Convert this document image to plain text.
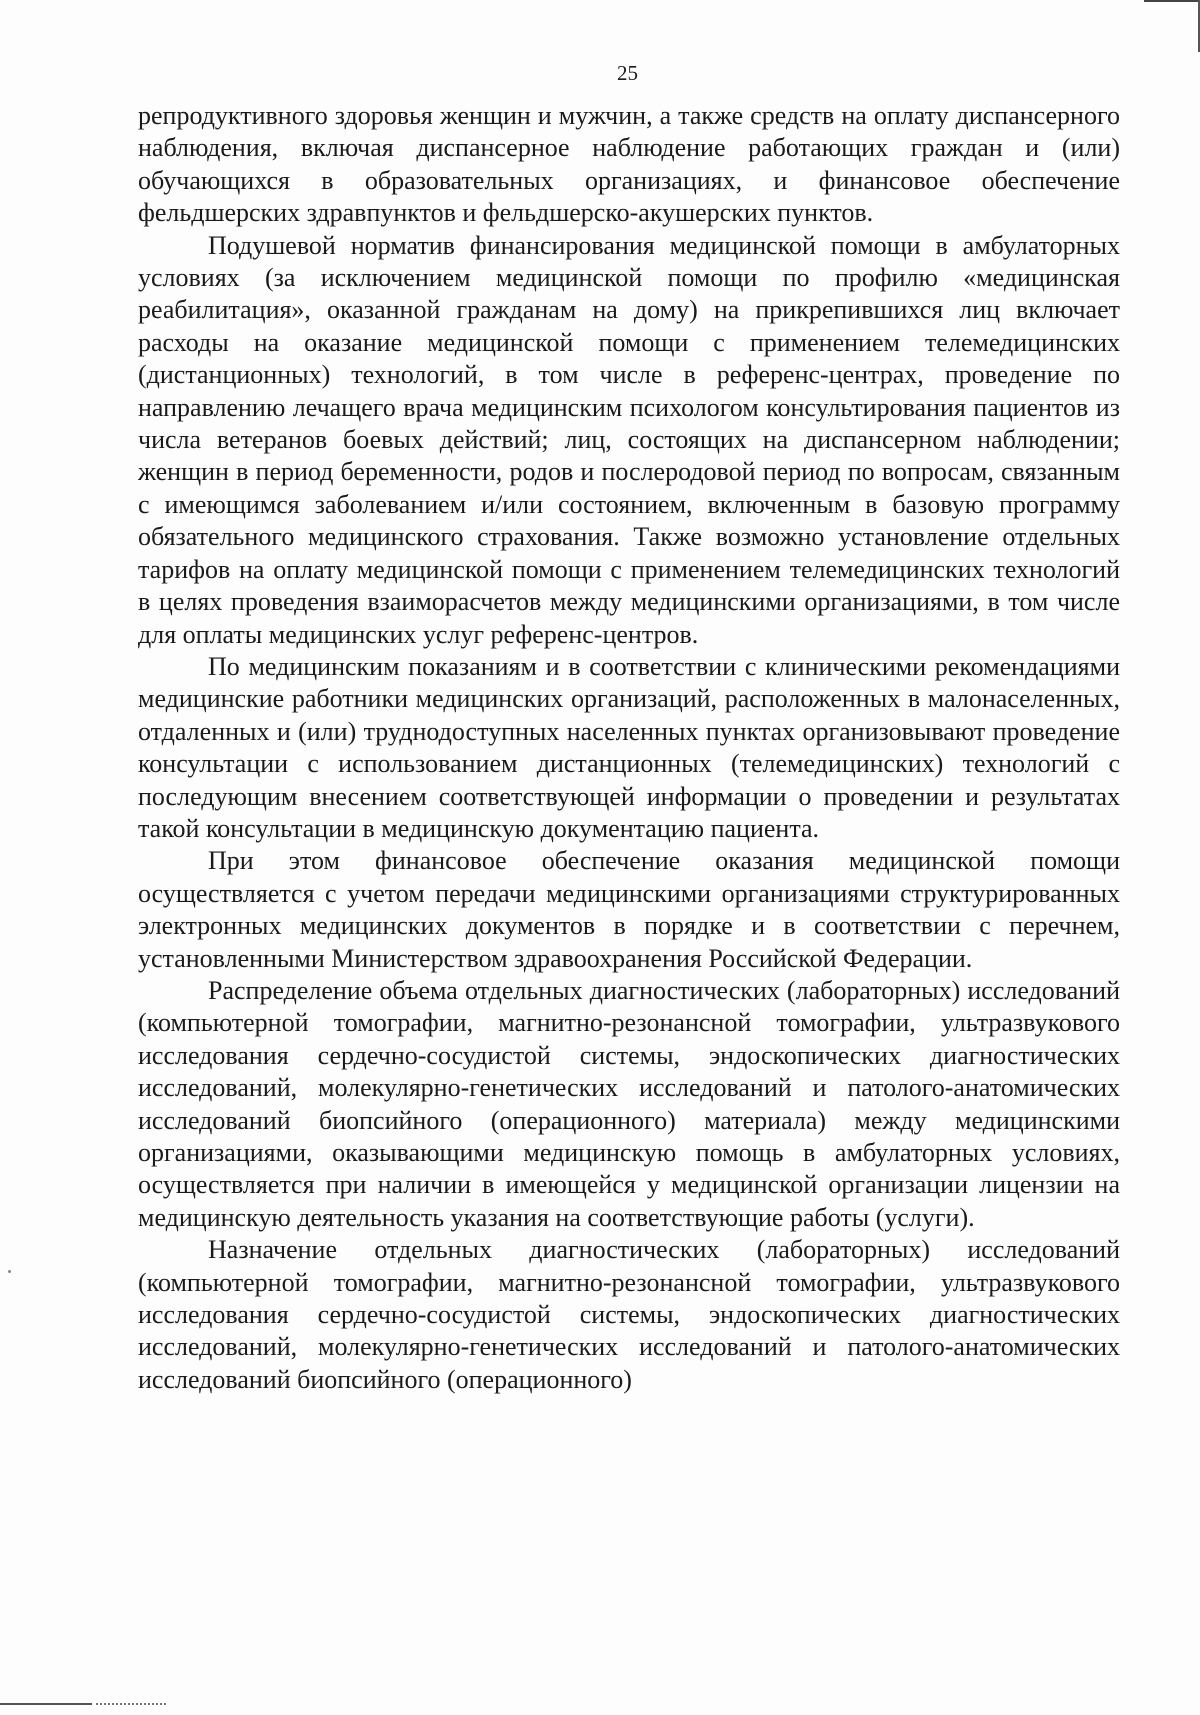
25

репродуктивного здоровья женщин и мужчин, а также средств на оплату диспансерного наблюдения, включая диспансерное наблюдение работающих граждан и (или) обучающихся в образовательных организациях, и финансовое обеспечение фельдшерских здравпунктов и фельдшерско-акушерских пунктов.

Подушевой норматив финансирования медицинской помощи в амбулаторных условиях (за исключением медицинской помощи по профилю «медицинская реабилитация», оказанной гражданам на дому) на прикрепившихся лиц включает расходы на оказание медицинской помощи с применением телемедицинских (дистанционных) технологий, в том числе в референс-центрах, проведение по направлению лечащего врача медицинским психологом консультирования пациентов из числа ветеранов боевых действий; лиц, состоящих на диспансерном наблюдении; женщин в период беременности, родов и послеродовой период по вопросам, связанным с имеющимся заболеванием и/или состоянием, включенным в базовую программу обязательного медицинского страхования. Также возможно установление отдельных тарифов на оплату медицинской помощи с применением телемедицинских технологий в целях проведения взаиморасчетов между медицинскими организациями, в том числе для оплаты медицинских услуг референс-центров.

По медицинским показаниям и в соответствии с клиническими рекомендациями медицинские работники медицинских организаций, расположенных в малонаселенных, отдаленных и (или) труднодоступных населенных пунктах организовывают проведение консультации с использованием дистанционных (телемедицинских) технологий с последующим внесением соответствующей информации о проведении и результатах такой консультации в медицинскую документацию пациента.

При этом финансовое обеспечение оказания медицинской помощи осуществляется с учетом передачи медицинскими организациями структурированных электронных медицинских документов в порядке и в соответствии с перечнем, установленными Министерством здравоохранения Российской Федерации.

Распределение объема отдельных диагностических (лабораторных) исследований (компьютерной томографии, магнитно-резонансной томографии, ультразвукового исследования сердечно-сосудистой системы, эндоскопических диагностических исследований, молекулярно-генетических исследований и патолого-анатомических исследований биопсийного (операционного) материала) между медицинскими организациями, оказывающими медицинскую помощь в амбулаторных условиях, осуществляется при наличии в имеющейся у медицинской организации лицензии на медицинскую деятельность указания на соответствующие работы (услуги).

Назначение отдельных диагностических (лабораторных) исследований (компьютерной томографии, магнитно-резонансной томографии, ультразвукового исследования сердечно-сосудистой системы, эндоскопических диагностических исследований, молекулярно-генетических исследований и патолого-анатомических исследований биопсийного (операционного)
